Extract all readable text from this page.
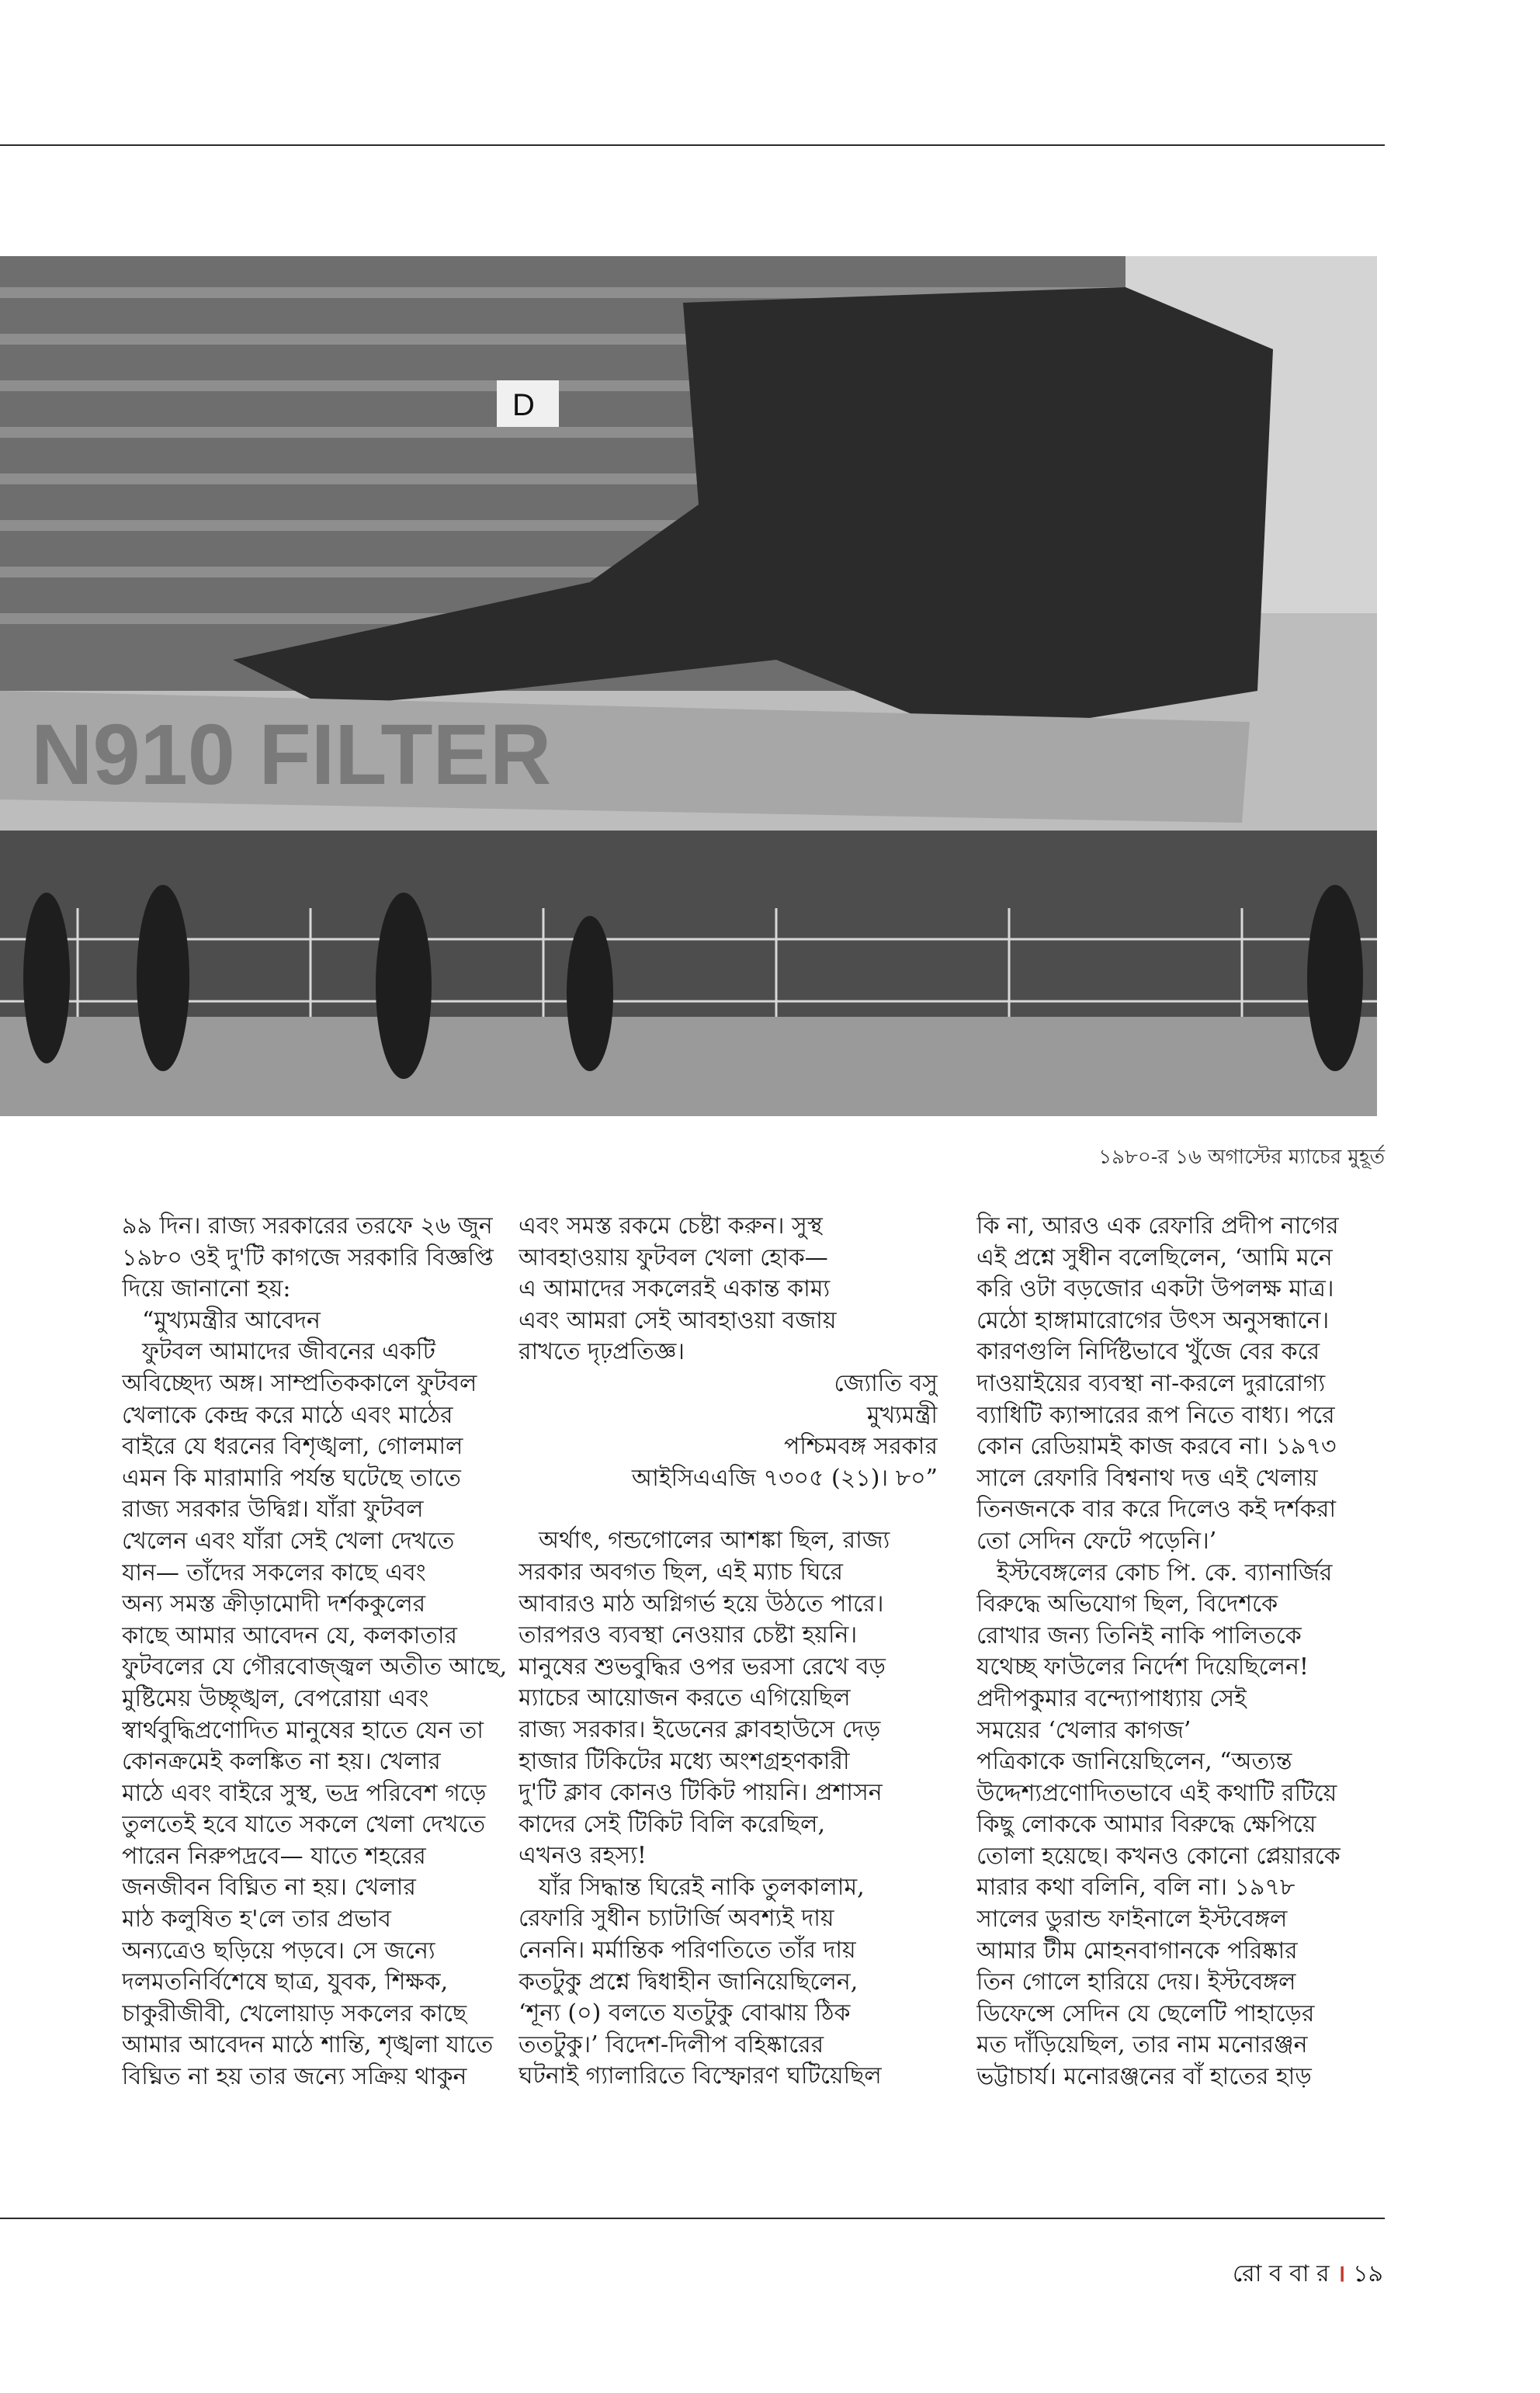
D
N910 FILTER
১৯৮০-র ১৬ অগাস্টের ম্যাচের মুহূর্ত

৯৯ দিন। রাজ্য সরকারের তরফে ২৬ জুন

১৯৮০ ওই দু'টি কাগজে সরকারি বিজ্ঞপ্তি

দিয়ে জানানো হয়:

“মুখ্যমন্ত্রীর আবেদন

ফুটবল আমাদের জীবনের একটি

অবিচ্ছেদ্য অঙ্গ। সাম্প্রতিককালে ফুটবল

খেলাকে কেন্দ্র করে মাঠে এবং মাঠের

বাইরে যে ধরনের বিশৃঙ্খলা, গোলমাল

এমন কি মারামারি পর্যন্ত ঘটেছে তাতে

রাজ্য সরকার উদ্বিগ্ন। যাঁরা ফুটবল

খেলেন এবং যাঁরা সেই খেলা দেখতে

যান— তাঁদের সকলের কাছে এবং

অন্য সমস্ত ক্রীড়ামোদী দর্শককুলের

কাছে আমার আবেদন যে, কলকাতার

ফুটবলের যে গৌরবোজ্জ্বল অতীত আছে,

মুষ্টিমেয় উচ্ছৃঙ্খল, বেপরোয়া এবং

স্বার্থবুদ্ধিপ্রণোদিত মানুষের হাতে যেন তা

কোনক্রমেই কলঙ্কিত না হয়। খেলার

মাঠে এবং বাইরে সুস্থ, ভদ্র পরিবেশ গড়ে

তুলতেই হবে যাতে সকলে খেলা দেখতে

পারেন নিরুপদ্রবে— যাতে শহরের

জনজীবন বিঘ্নিত না হয়। খেলার

মাঠ কলুষিত হ'লে তার প্রভাব

অন্যত্রেও ছড়িয়ে পড়বে। সে জন্যে

দলমতনির্বিশেষে ছাত্র, যুবক, শিক্ষক,

চাকুরীজীবী, খেলোয়াড় সকলের কাছে

আমার আবেদন মাঠে শান্তি, শৃঙ্খলা যাতে

বিঘ্নিত না হয় তার জন্যে সক্রিয় থাকুন

এবং সমস্ত রকমে চেষ্টা করুন। সুস্থ

আবহাওয়ায় ফুটবল খেলা হোক—

এ আমাদের সকলেরই একান্ত কাম্য

এবং আমরা সেই আবহাওয়া বজায়

রাখতে দৃঢ়প্রতিজ্ঞ।

জ্যোতি বসু

মুখ্যমন্ত্রী

পশ্চিমবঙ্গ সরকার

আইসিএএজি ৭৩০৫ (২১)। ৮০”

অর্থাৎ, গন্ডগোলের আশঙ্কা ছিল, রাজ্য

সরকার অবগত ছিল, এই ম্যাচ ঘিরে

আবারও মাঠ অগ্নিগর্ভ হয়ে উঠতে পারে।

তারপরও ব্যবস্থা নেওয়ার চেষ্টা হয়নি।

মানুষের শুভবুদ্ধির ওপর ভরসা রেখে বড়

ম্যাচের আয়োজন করতে এগিয়েছিল

রাজ্য সরকার। ইডেনের ক্লাবহাউসে দেড়

হাজার টিকিটের মধ্যে অংশগ্রহণকারী

দু'টি ক্লাব কোনও টিকিট পায়নি। প্রশাসন

কাদের সেই টিকিট বিলি করেছিল,

এখনও রহস্য!

যাঁর সিদ্ধান্ত ঘিরেই নাকি তুলকালাম,

রেফারি সুধীন চ্যাটার্জি অবশ্যই দায়

নেননি। মর্মান্তিক পরিণতিতে তাঁর দায়

কতটুকু প্রশ্নে দ্বিধাহীন জানিয়েছিলেন,

‘শূন্য (০) বলতে যতটুকু বোঝায় ঠিক

ততটুকু।’ বিদেশ-দিলীপ বহিষ্কারের

ঘটনাই গ্যালারিতে বিস্ফোরণ ঘটিয়েছিল

কি না, আরও এক রেফারি প্রদীপ নাগের

এই প্রশ্নে সুধীন বলেছিলেন, ‘আমি মনে

করি ওটা বড়জোর একটা উপলক্ষ মাত্র।

মেঠো হাঙ্গামারোগের উৎস অনুসন্ধানে।

কারণগুলি নির্দিষ্টভাবে খুঁজে বের করে

দাওয়াইয়ের ব্যবস্থা না-করলে দুরারোগ্য

ব্যাধিটি ক্যান্সারের রূপ নিতে বাধ্য। পরে

কোন রেডিয়ামই কাজ করবে না। ১৯৭৩

সালে রেফারি বিশ্বনাথ দত্ত এই খেলায়

তিনজনকে বার করে দিলেও কই দর্শকরা

তো সেদিন ফেটে পড়েনি।’

ইস্টবেঙ্গলের কোচ পি. কে. ব্যানার্জির

বিরুদ্ধে অভিযোগ ছিল, বিদেশকে

রোখার জন্য তিনিই নাকি পালিতকে

যথেচ্ছ ফাউলের নির্দেশ দিয়েছিলেন!

প্রদীপকুমার বন্দ্যোপাধ্যায় সেই

সময়ের ‘খেলার কাগজ’

পত্রিকাকে জানিয়েছিলেন, “অত্যন্ত

উদ্দেশ্যপ্রণোদিতভাবে এই কথাটি রটিয়ে

কিছু লোককে আমার বিরুদ্ধে ক্ষেপিয়ে

তোলা হয়েছে। কখনও কোনো প্লেয়ারকে

মারার কথা বলিনি, বলি না। ১৯৭৮

সালের ডুরান্ড ফাইনালে ইস্টবেঙ্গল

আমার টীম মোহনবাগানকে পরিষ্কার

তিন গোলে হারিয়ে দেয়। ইস্টবেঙ্গল

ডিফেন্সে সেদিন যে ছেলেটি পাহাড়ের

মত দাঁড়িয়েছিল, তার নাম মনোরঞ্জন

ভট্টাচার্য। মনোরঞ্জনের বাঁ হাতের হাড়

রো ব বা র । ১৯
